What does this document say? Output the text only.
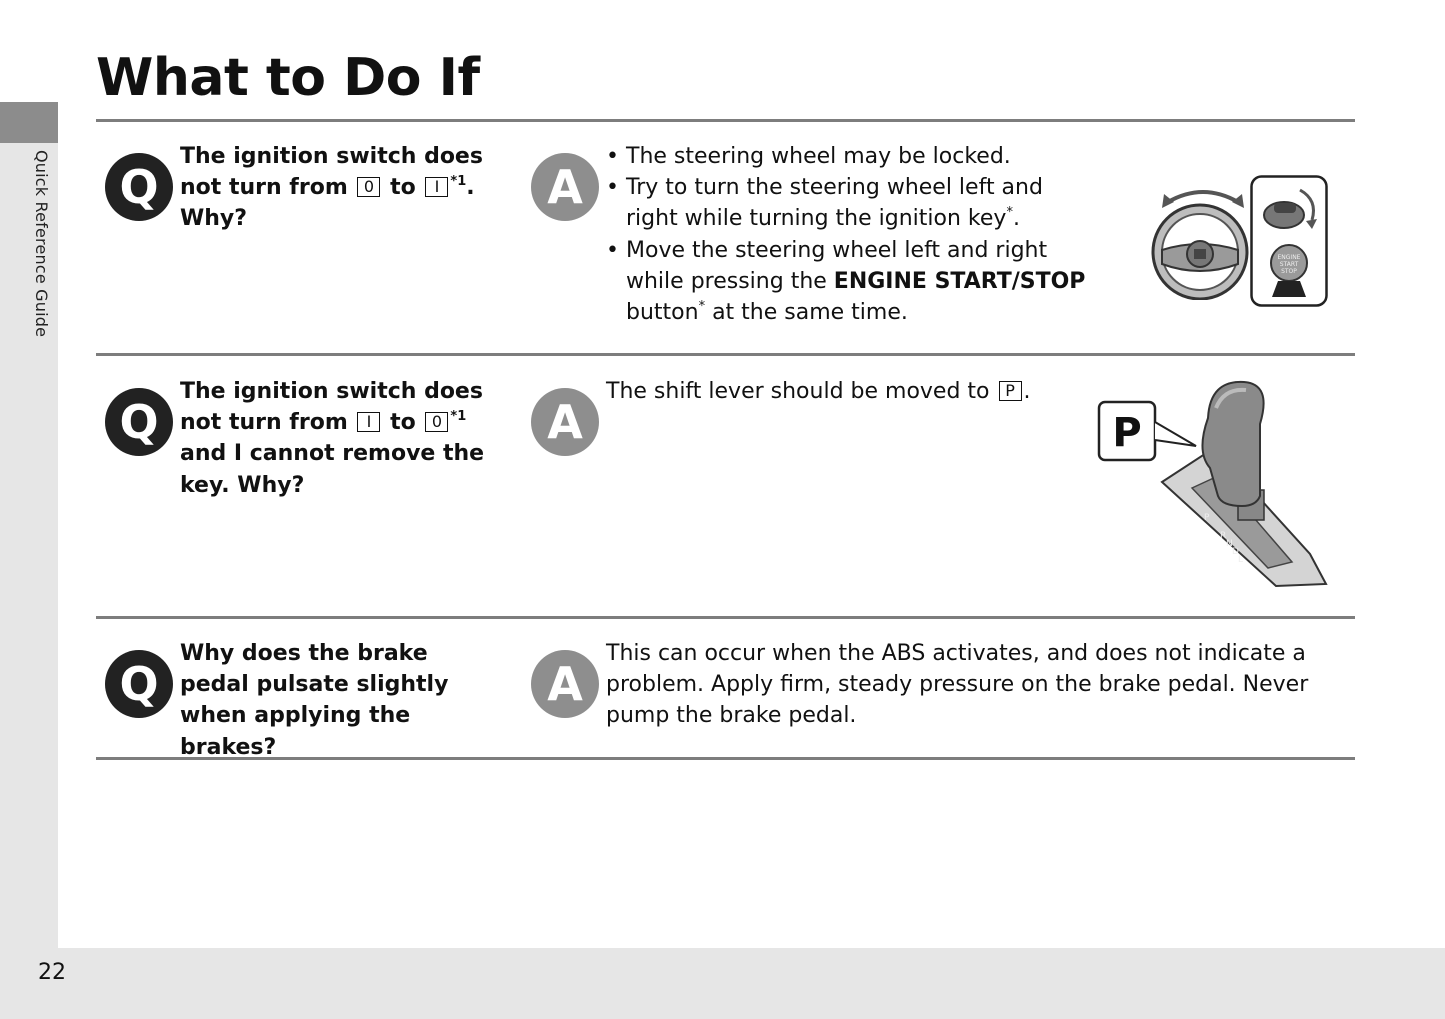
Quick Reference Guide
22
What to Do If
Q
The ignition switch does not turn from 0 to I $^{*1}$.
Why?
A
• The steering wheel may be locked.
• Try to turn the steering wheel left and right while turning the ignition key*.
• Move the steering wheel left and right while pressing the ENGINE START/STOP button* at the same time.
ENGINE
START
STOP
Q
The ignition switch does not turn from I to 0 $^{*1}$
and I cannot remove the key. Why?
A
The shift lever should be moved to P .
P
P
R
N
D
L
Q
Why does the brake pedal pulsate slightly when applying the brakes?
A
This can occur when the ABS activates, and does not indicate a problem. Apply firm, steady pressure on the brake pedal. Never pump the brake pedal.
